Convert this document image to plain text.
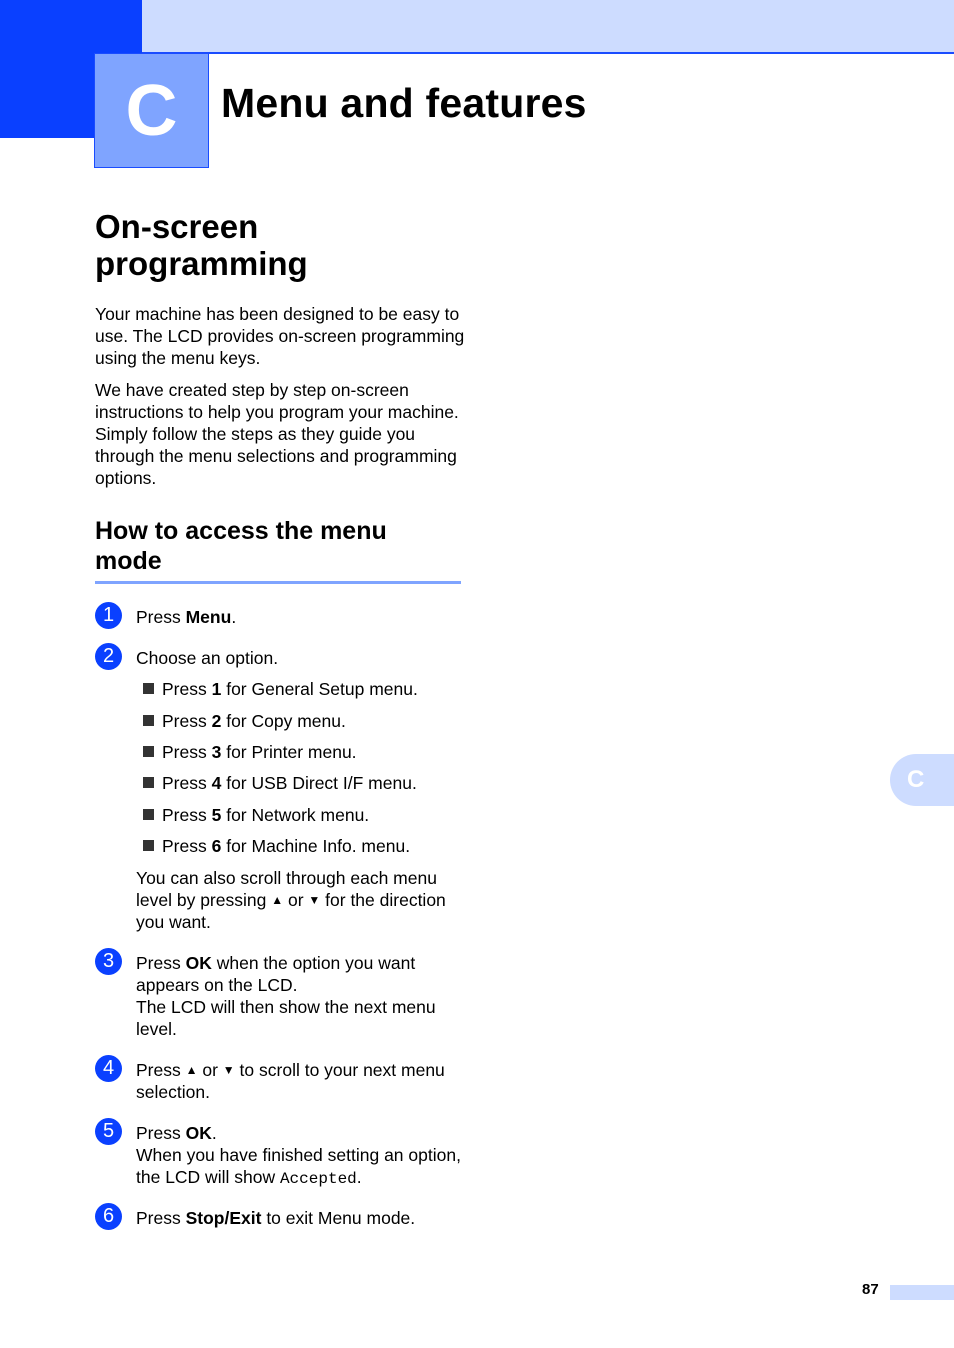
C	Menu and features
On-screen
programming

Your machine has been designed to be easy to use. The LCD provides on-screen programming using the menu keys.

We have created step by step on-screen instructions to help you program your machine. Simply follow the steps as they guide you through the menu selections and programming options.

How to access the menu
mode
1	Press Menu.
2	Choose an option.
Press 1 for General Setup menu.
Press 2 for Copy menu.
Press 3 for Printer menu.
Press 4 for USB Direct I/F menu.
Press 5 for Network menu.
Press 6 for Machine Info. menu.

You can also scroll through each menu level by pressing ▲ or ▼ for the direction you want.

3	Press OK when the option you want appears on the LCD.
The LCD will then show the next menu level.
4	Press ▲ or ▼ to scroll to your next menu selection.
5	Press OK.
When you have finished setting an option, the LCD will show Accepted.
6	Press Stop/Exit to exit Menu mode.
C
87
